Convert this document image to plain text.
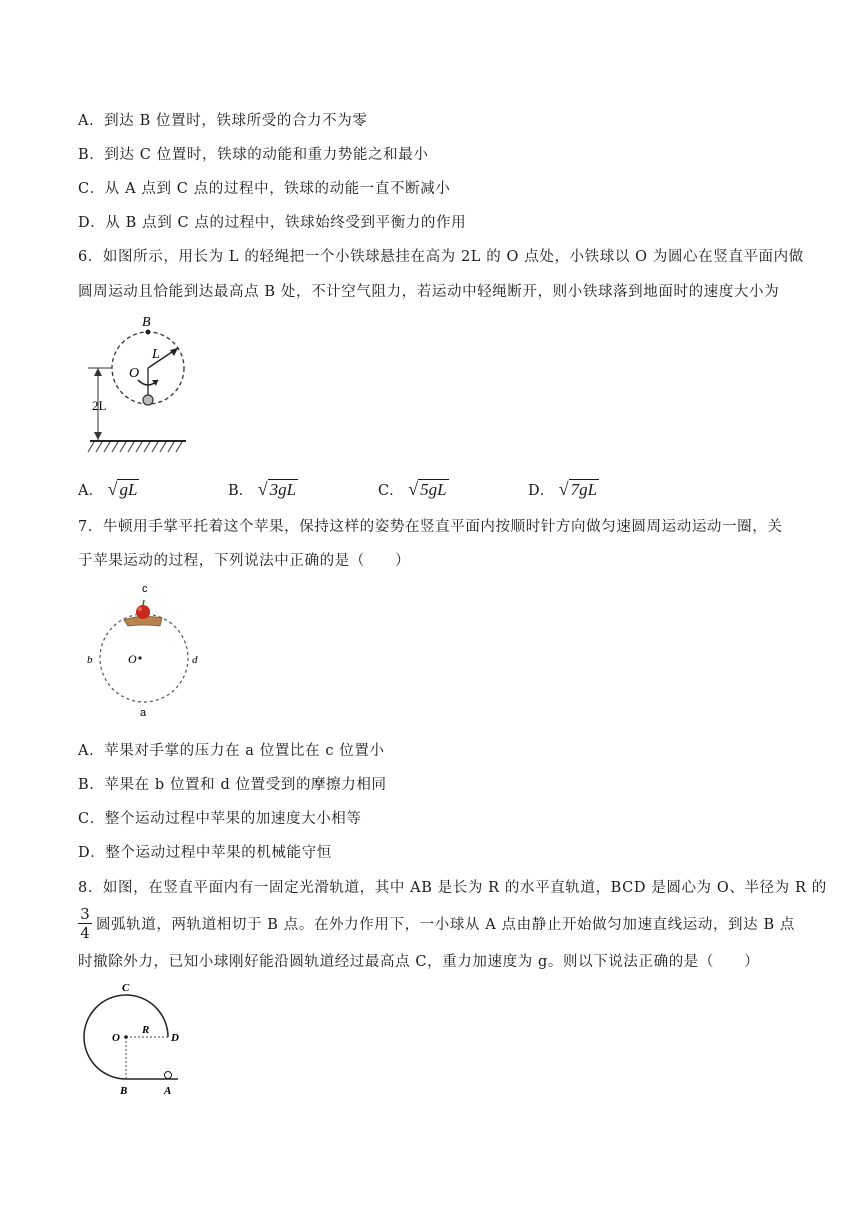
A．到达 B 位置时，铁球所受的合力不为零
B．到达 C 位置时，铁球的动能和重力势能之和最小
C．从 A 点到 C 点的过程中，铁球的动能一直不断减小
D．从 B 点到 C 点的过程中，铁球始终受到平衡力的作用
6．如图所示，用长为 L 的轻绳把一个小铁球悬挂在高为 2L 的 O 点处，小铁球以 O 为圆心在竖直平面内做
圆周运动且恰能到达最高点 B 处，不计空气阻力，若运动中轻绳断开，则小铁球落到地面时的速度大小为
B
L
O
2L
A． √ gL	B． √ 3gL	C． √ 5gL	D． √ 7gL
7．牛顿用手掌平托着这个苹果，保持这样的姿势在竖直平面内按顺时针方向做匀速圆周运动运动一圈，关
于苹果运动的过程，下列说法中正确的是（　　）
c
b	O	d
a
A．苹果对手掌的压力在 a 位置比在 c 位置小
B．苹果在 b 位置和 d 位置受到的摩擦力相同
C．整个运动过程中苹果的加速度大小相等
D．整个运动过程中苹果的机械能守恒
8．如图，在竖直平面内有一固定光滑轨道，其中 AB 是长为 R 的水平直轨道，BCD 是圆心为 O、半径为 R 的
$\frac{3}{4}$ 圆弧轨道，两轨道相切于 B 点。在外力作用下，一小球从 A 点由静止开始做匀加速直线运动，到达 B 点
时撤除外力，已知小球刚好能沿圆轨道经过最高点 C，重力加速度为 g。则以下说法正确的是（　　）
C
O
R
D
B	A
